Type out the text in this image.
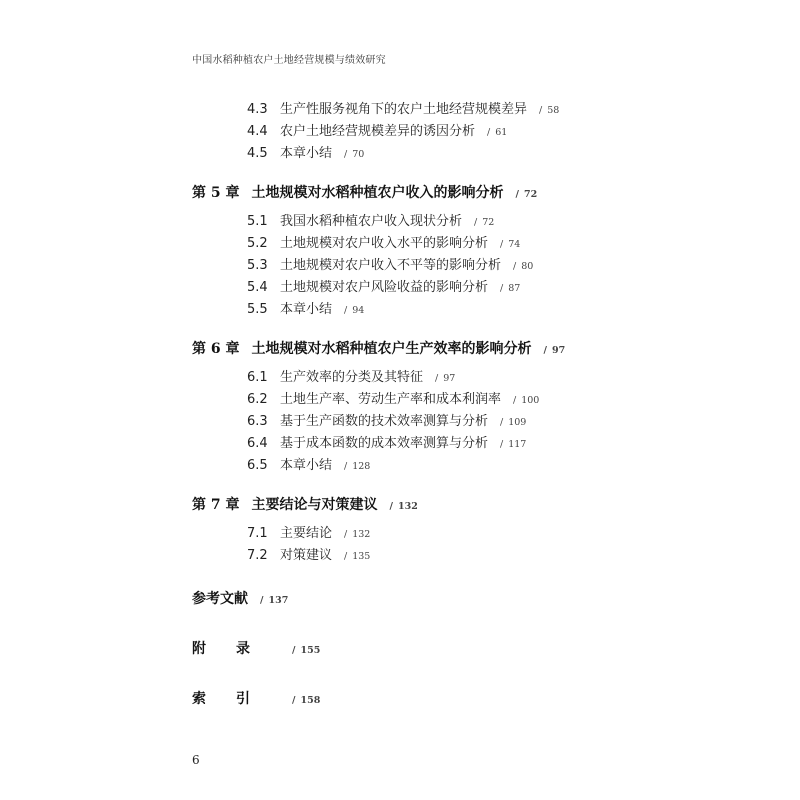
中国水稻种植农户土地经营规模与绩效研究
4.3 生产性服务视角下的农户土地经营规模差异 / 58
4.4 农户土地经营规模差异的诱因分析 / 61
4.5 本章小结 / 70
第 5 章 土地规模对水稻种植农户收入的影响分析 / 72
5.1 我国水稻种植农户收入现状分析 / 72
5.2 土地规模对农户收入水平的影响分析 / 74
5.3 土地规模对农户收入不平等的影响分析 / 80
5.4 土地规模对农户风险收益的影响分析 / 87
5.5 本章小结 / 94
第 6 章 土地规模对水稻种植农户生产效率的影响分析 / 97
6.1 生产效率的分类及其特征 / 97
6.2 土地生产率、劳动生产率和成本利润率 / 100
6.3 基于生产函数的技术效率测算与分析 / 109
6.4 基于成本函数的成本效率测算与分析 / 117
6.5 本章小结 / 128
第 7 章 主要结论与对策建议 / 132
7.1 主要结论 / 132
7.2 对策建议 / 135
参考文献 / 137
附录 / 155
索引 / 158
6
